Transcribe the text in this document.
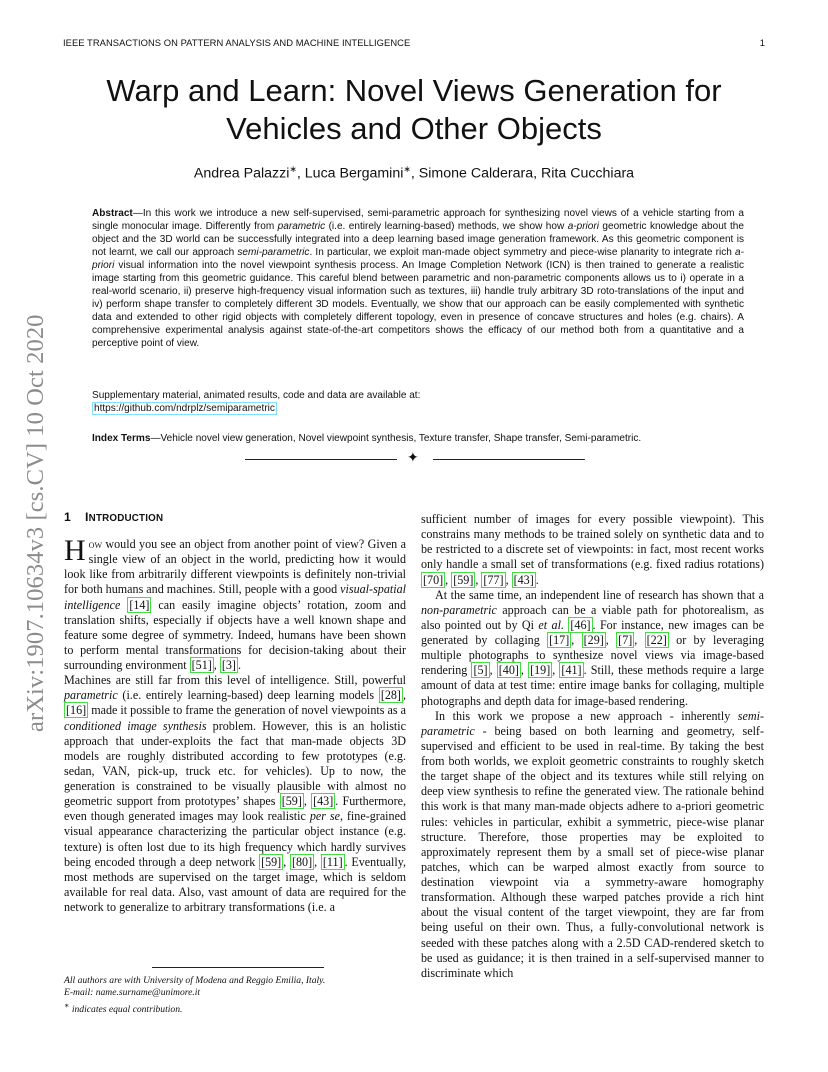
IEEE TRANSACTIONS ON PATTERN ANALYSIS AND MACHINE INTELLIGENCE	1
arXiv:1907.10634v3 [cs.CV] 10 Oct 2020
Warp and Learn: Novel Views Generation for
Vehicles and Other Objects
Andrea Palazzi∗, Luca Bergamini∗, Simone Calderara, Rita Cucchiara
Abstract—In this work we introduce a new self-supervised, semi-parametric approach for synthesizing novel views of a vehicle starting from a single monocular image. Differently from parametric (i.e. entirely learning-based) methods, we show how a-priori geometric knowledge about the object and the 3D world can be successfully integrated into a deep learning based image generation framework. As this geometric component is not learnt, we call our approach semi-parametric. In particular, we exploit man-made object symmetry and piece-wise planarity to integrate rich a-priori visual information into the novel viewpoint synthesis process. An Image Completion Network (ICN) is then trained to generate a realistic image starting from this geometric guidance. This careful blend between parametric and non-parametric components allows us to i) operate in a real-world scenario, ii) preserve high-frequency visual information such as textures, iii) handle truly arbitrary 3D roto-translations of the input and iv) perform shape transfer to completely different 3D models. Eventually, we show that our approach can be easily complemented with synthetic data and extended to other rigid objects with completely different topology, even in presence of concave structures and holes (e.g. chairs). A comprehensive experimental analysis against state-of-the-art competitors shows the efficacy of our method both from a quantitative and a perceptive point of view.
Supplementary material, animated results, code and data are available at:
https://github.com/ndrplz/semiparametric
Index Terms—Vehicle novel view generation, Novel viewpoint synthesis, Texture transfer, Shape transfer, Semi-parametric.
✦
1 INTRODUCTION

How would you see an object from another point of view? Given a single view of an object in the world, predicting how it would look like from arbitrarily different viewpoints is definitely non-trivial for both humans and machines. Still, people with a good visual-spatial intelligence [14] can easily imagine objects’ rotation, zoom and translation shifts, especially if objects have a well known shape and feature some degree of symmetry. Indeed, humans have been shown to perform mental transformations for decision-taking about their surrounding environment [51] , [3] .

Machines are still far from this level of intelligence. Still, powerful parametric (i.e. entirely learning-based) deep learning models [28] , [16] made it possible to frame the generation of novel viewpoints as a conditioned image synthesis problem. However, this is an holistic approach that under-exploits the fact that man-made objects 3D models are roughly distributed according to few prototypes (e.g. sedan, VAN, pick-up, truck etc. for vehicles). Up to now, the generation is constrained to be visually plausible with almost no geometric support from prototypes’ shapes [59] , [43] . Furthermore, even though generated images may look realistic per se, fine-grained visual appearance characterizing the particular object instance (e.g. texture) is often lost due to its high frequency which hardly survives being encoded through a deep network [59] , [80] , [11] . Eventually, most methods are supervised on the target image, which is seldom available for real data. Also, vast amount of data are required for the network to generalize to arbitrary transformations (i.e. a

sufficient number of images for every possible viewpoint). This constrains many methods to be trained solely on synthetic data and to be restricted to a discrete set of viewpoints: in fact, most recent works only handle a small set of transformations (e.g. fixed radius rotations) [70] , [59] , [77] , [43] .

At the same time, an independent line of research has shown that a non-parametric approach can be a viable path for photorealism, as also pointed out by Qi et al. [46] . For instance, new images can be generated by collaging [17] , [29] , [7] , [22] or by leveraging multiple photographs to synthesize novel views via image-based rendering [5] , [40] , [19] , [41] . Still, these methods require a large amount of data at test time: entire image banks for collaging, multiple photographs and depth data for image-based rendering.

In this work we propose a new approach - inherently semi-parametric - being based on both learning and geometry, self-supervised and efficient to be used in real-time. By taking the best from both worlds, we exploit geometric constraints to roughly sketch the target shape of the object and its textures while still relying on deep view synthesis to refine the generated view. The rationale behind this work is that many man-made objects adhere to a-priori geometric rules: vehicles in particular, exhibit a symmetric, piece-wise planar structure. Therefore, those properties may be exploited to approximately represent them by a small set of piece-wise planar patches, which can be warped almost exactly from source to destination viewpoint via a symmetry-aware homography transformation. Although these warped patches provide a rich hint about the visual content of the target viewpoint, they are far from being useful on their own. Thus, a fully-convolutional network is seeded with these patches along with a 2.5D CAD-rendered sketch to be used as guidance; it is then trained in a self-supervised manner to discriminate which

All authors are with University of Modena and Reggio Emilia, Italy.
E-mail: name.surname@unimore.it
∗ indicates equal contribution.
